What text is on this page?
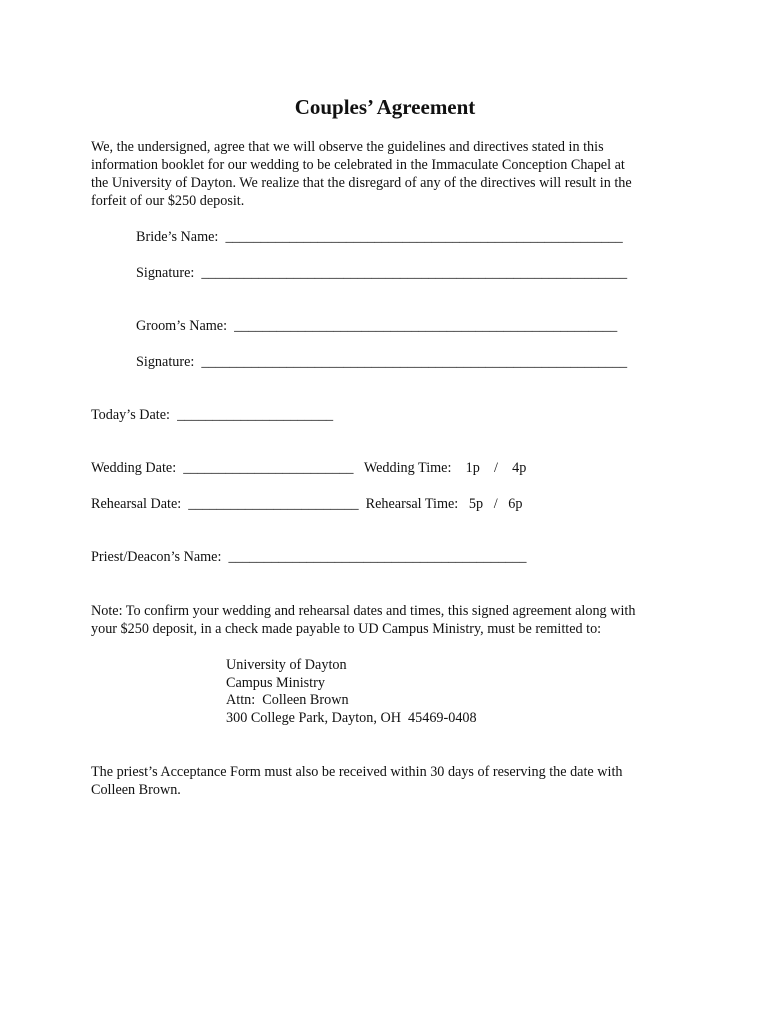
Couples’ Agreement
We, the undersigned, agree that we will observe the guidelines and directives stated in this
information booklet for our wedding to be celebrated in the Immaculate Conception Chapel at
the University of Dayton. We realize that the disregard of any of the directives will result in the
forfeit of our $250 deposit.
Bride’s Name:  ________________________________________________________
Signature:  ____________________________________________________________
Groom’s Name:  ______________________________________________________
Signature:  ____________________________________________________________
Today’s Date:  ______________________
Wedding Date:  ________________________   Wedding Time:    1p    /    4p
Rehearsal Date:  ________________________  Rehearsal Time:   5p   /   6p
Priest/Deacon’s Name:  __________________________________________
Note: To confirm your wedding and rehearsal dates and times, this signed agreement along with
your $250 deposit, in a check made payable to UD Campus Ministry, must be remitted to:
University of Dayton
Campus Ministry
Attn:  Colleen Brown
300 College Park, Dayton, OH  45469-0408
The priest’s Acceptance Form must also be received within 30 days of reserving the date with
Colleen Brown.
